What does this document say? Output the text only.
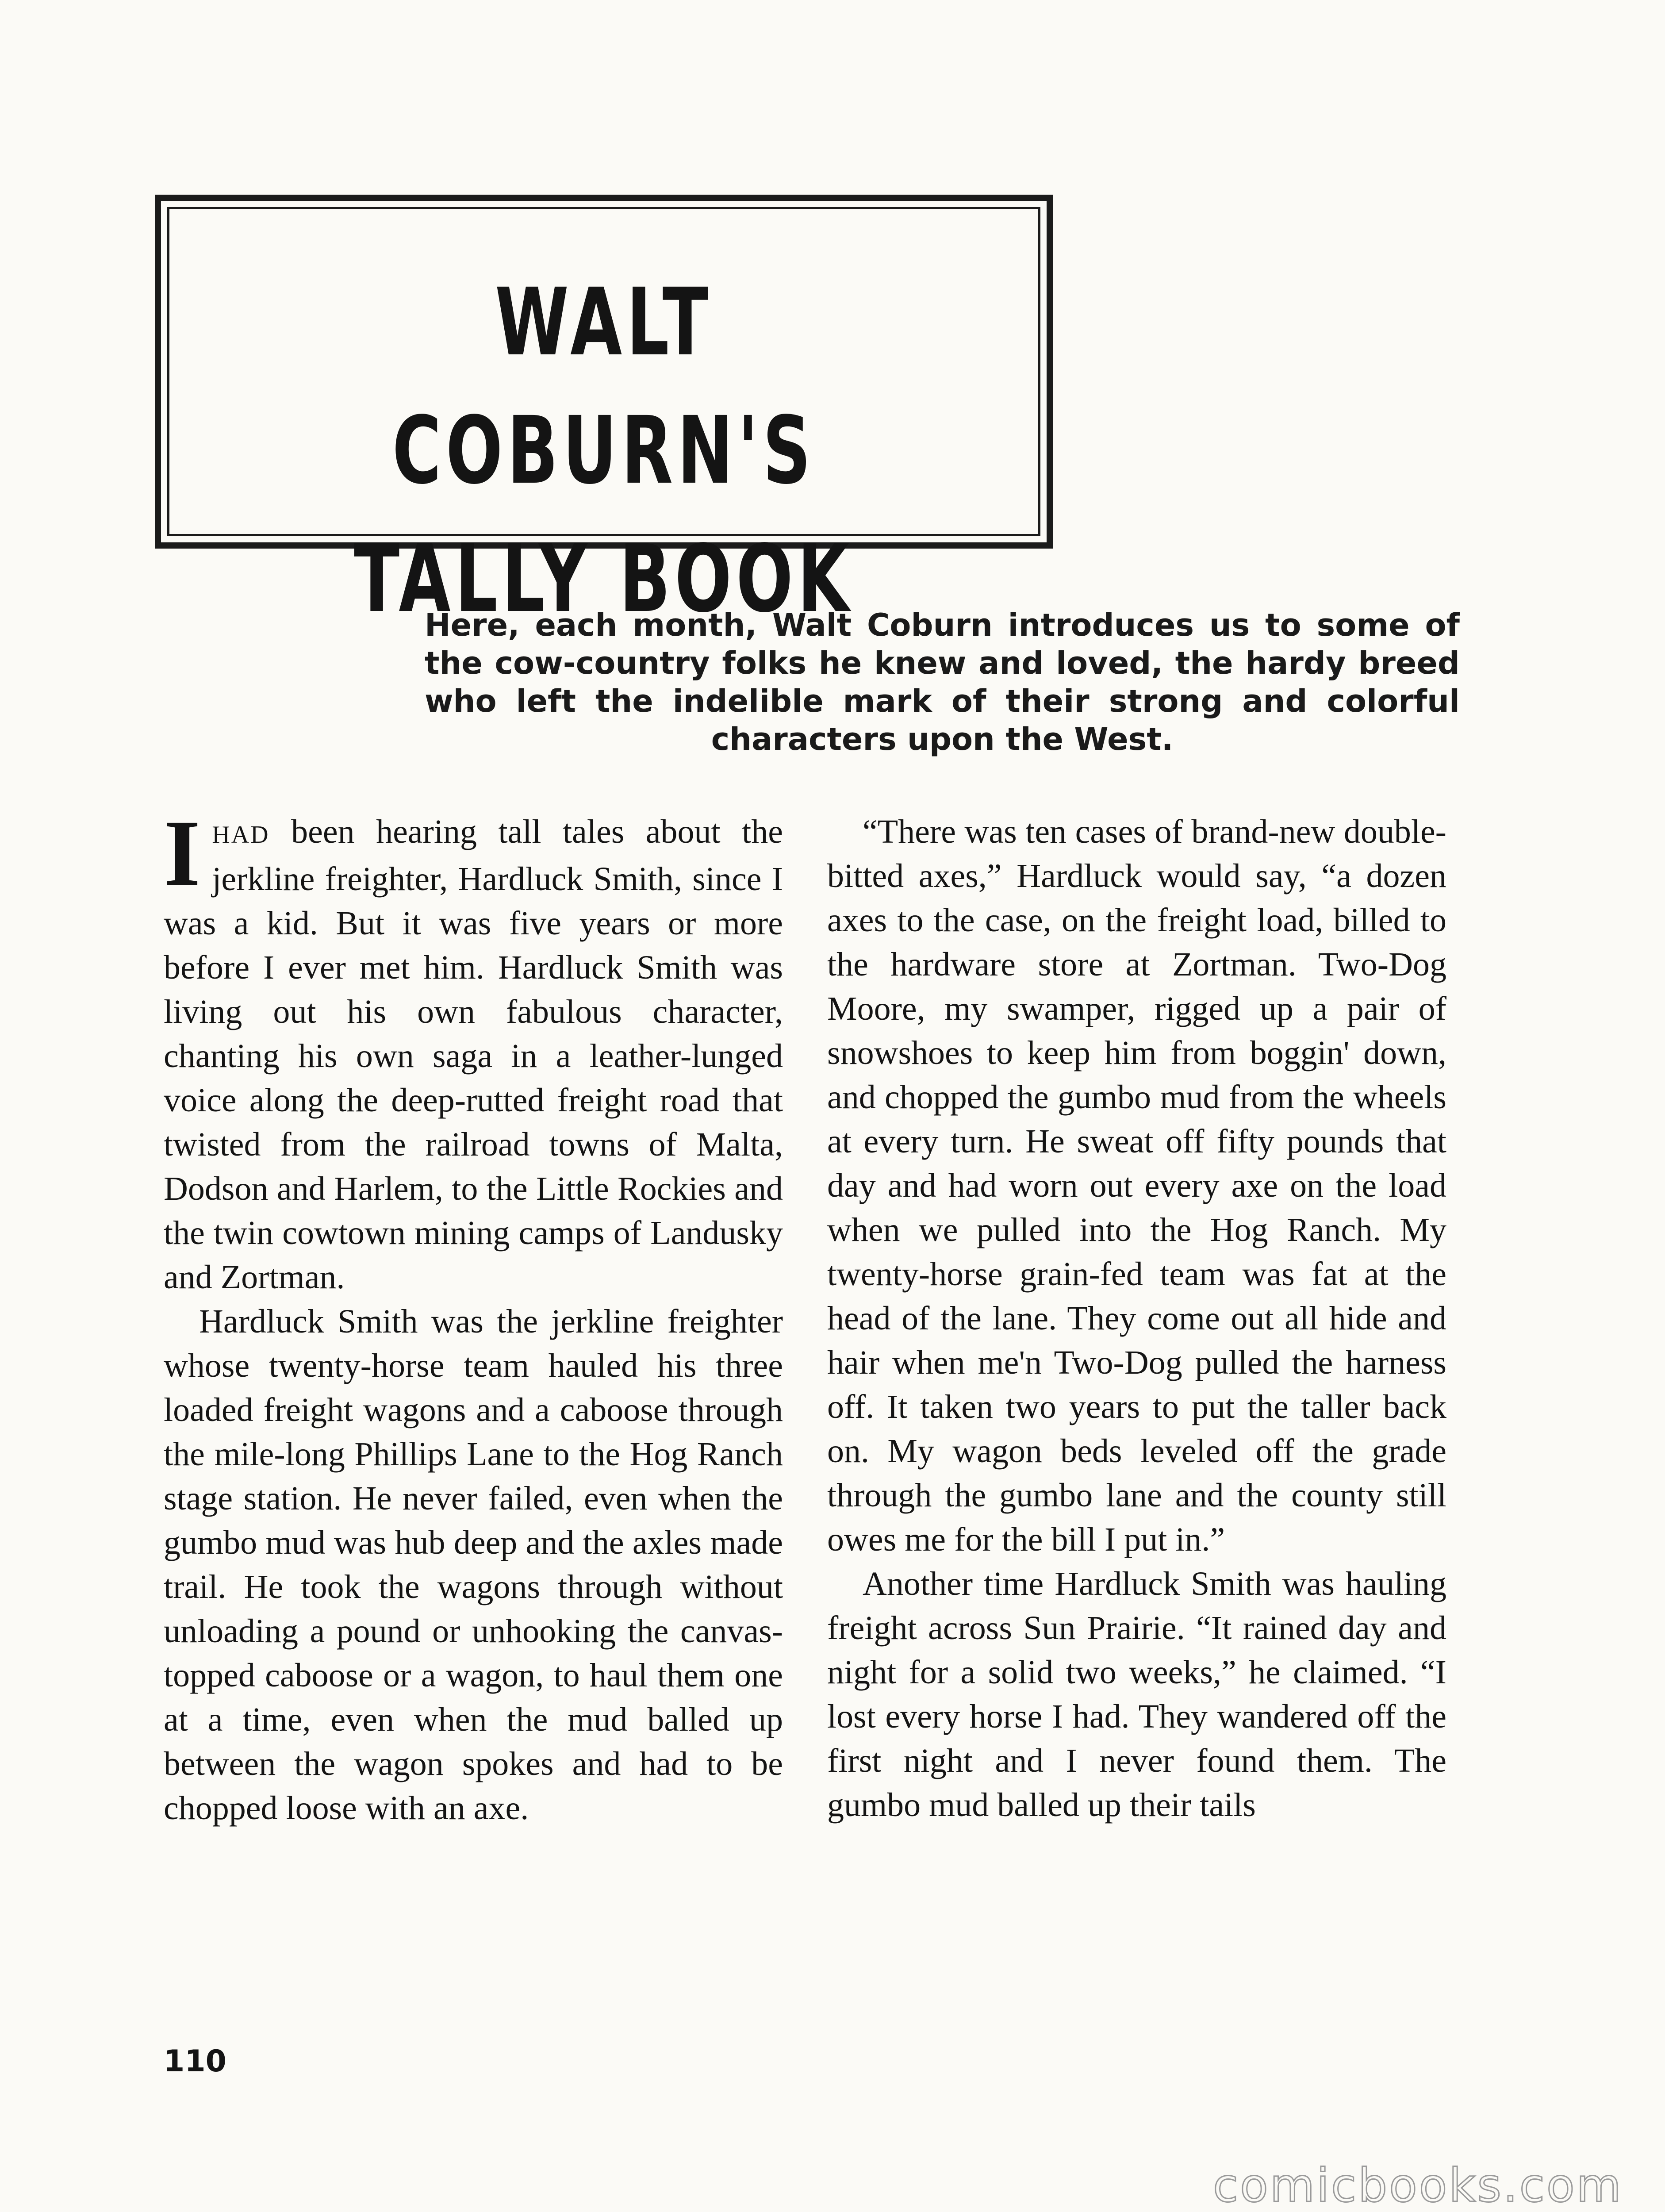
WALT COBURN'S
TALLY BOOK
Here, each month, Walt Coburn introduces us to some of the cow-country folks he knew and loved, the hardy breed who left the indelible mark of their strong and colorful characters upon the West.

IHAD been hearing tall tales about the jerkline freighter, Hardluck Smith, since I was a kid. But it was five years or more before I ever met him. Hardluck Smith was living out his own fabulous character, chanting his own saga in a leather-lunged voice along the deep-rutted freight road that twisted from the railroad towns of Malta, Dodson and Harlem, to the Little Rockies and the twin cowtown mining camps of Landusky and Zortman.

Hardluck Smith was the jerkline freighter whose twenty-horse team hauled his three loaded freight wagons and a caboose through the mile-long Phillips Lane to the Hog Ranch stage station. He never failed, even when the gumbo mud was hub deep and the axles made trail. He took the wagons through without unloading a pound or unhooking the canvas-topped caboose or a wagon, to haul them one at a time, even when the mud balled up between the wagon spokes and had to be chopped loose with an axe.

“There was ten cases of brand-new double-bitted axes,” Hardluck would say, “a dozen axes to the case, on the freight load, billed to the hardware store at Zortman. Two-Dog Moore, my swamper, rigged up a pair of snowshoes to keep him from boggin' down, and chopped the gumbo mud from the wheels at every turn. He sweat off fifty pounds that day and had worn out every axe on the load when we pulled into the Hog Ranch. My twenty-horse grain-fed team was fat at the head of the lane. They come out all hide and hair when me'n Two-Dog pulled the harness off. It taken two years to put the taller back on. My wagon beds leveled off the grade through the gumbo lane and the county still owes me for the bill I put in.”

Another time Hardluck Smith was hauling freight across Sun Prairie. “It rained day and night for a solid two weeks,” he claimed. “I lost every horse I had. They wandered off the first night and I never found them. The gumbo mud balled up their tails

110
comicbooks.com
